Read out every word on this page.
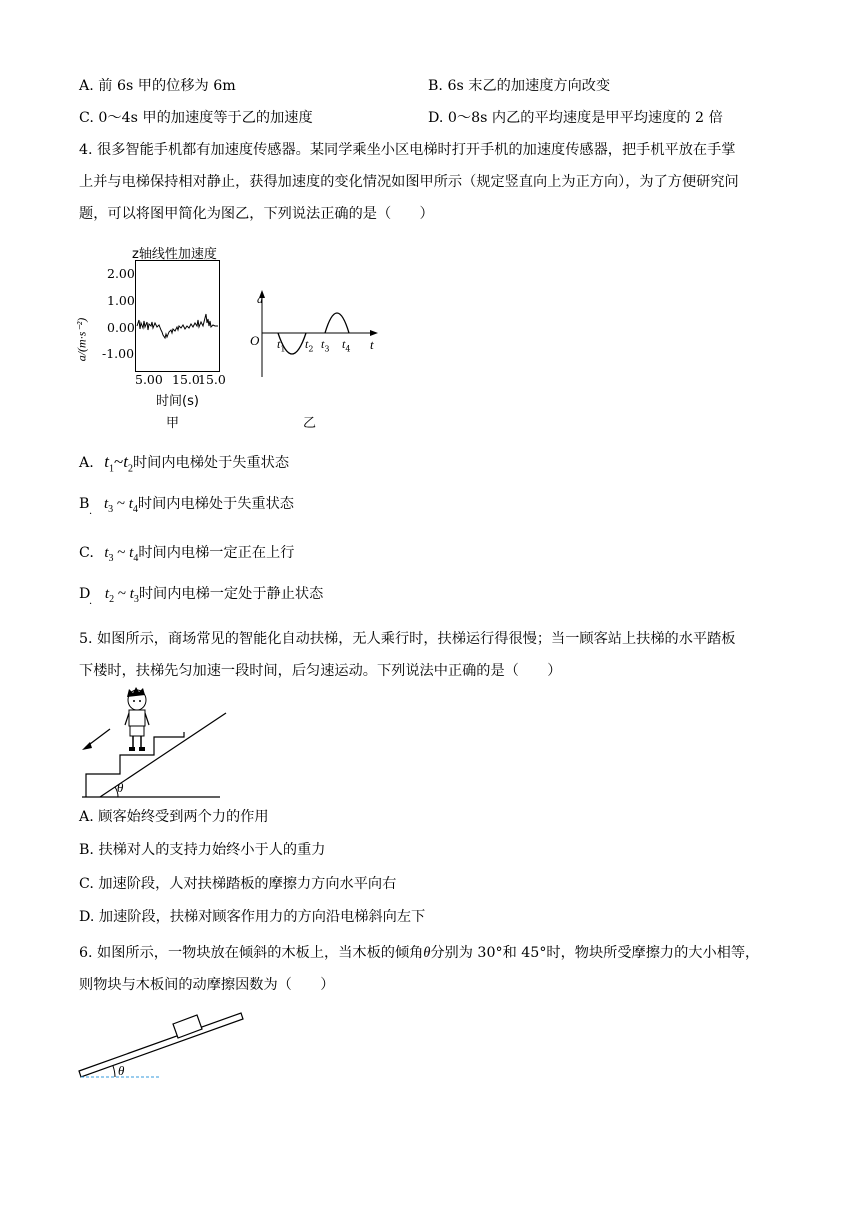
A. 前 6s 甲的位移为 6m	B. 6s 末乙的加速度方向改变
C. 0～4s 甲的加速度等于乙的加速度	D. 0～8s 内乙的平均速度是甲平均速度的 2 倍
4. 很多智能手机都有加速度传感器。某同学乘坐小区电梯时打开手机的加速度传感器，把手机平放在手掌
上并与电梯保持相对静止，获得加速度的变化情况如图甲所示（规定竖直向上为正方向），为了方便研究问
题，可以将图甲简化为图乙，下列说法正确的是（　　）
z轴线性加速度
a/(m·s⁻²)
2.00
1.00
0.00
-1.00
5.00 15.0
15.0
时间(s)
甲
a
O	t
$t_1$ $t_2$ $t_3$ $t_4$
乙
A. $t_1\sim t_2$时间内电梯处于失重状态
B $t_3$ ~ $t_4$时间内电梯处于失重状态
·
C. $t_3$ ~ $t_4$时间内电梯一定正在上行
D $t_2$ ~ $t_3$时间内电梯一定处于静止状态
·
5. 如图所示，商场常见的智能化自动扶梯，无人乘行时，扶梯运行得很慢；当一顾客站上扶梯的水平踏板
下楼时，扶梯先匀加速一段时间，后匀速运动。下列说法中正确的是（　　）
θ
A. 顾客始终受到两个力的作用
B. 扶梯对人的支持力始终小于人的重力
C. 加速阶段，人对扶梯踏板的摩擦力方向水平向右
D. 加速阶段，扶梯对顾客作用力的方向沿电梯斜向左下
6. 如图所示，一物块放在倾斜的木板上，当木板的倾角θ分别为 30°和 45°时，物块所受摩擦力的大小相等，
则物块与木板间的动摩擦因数为（　　）
θ
